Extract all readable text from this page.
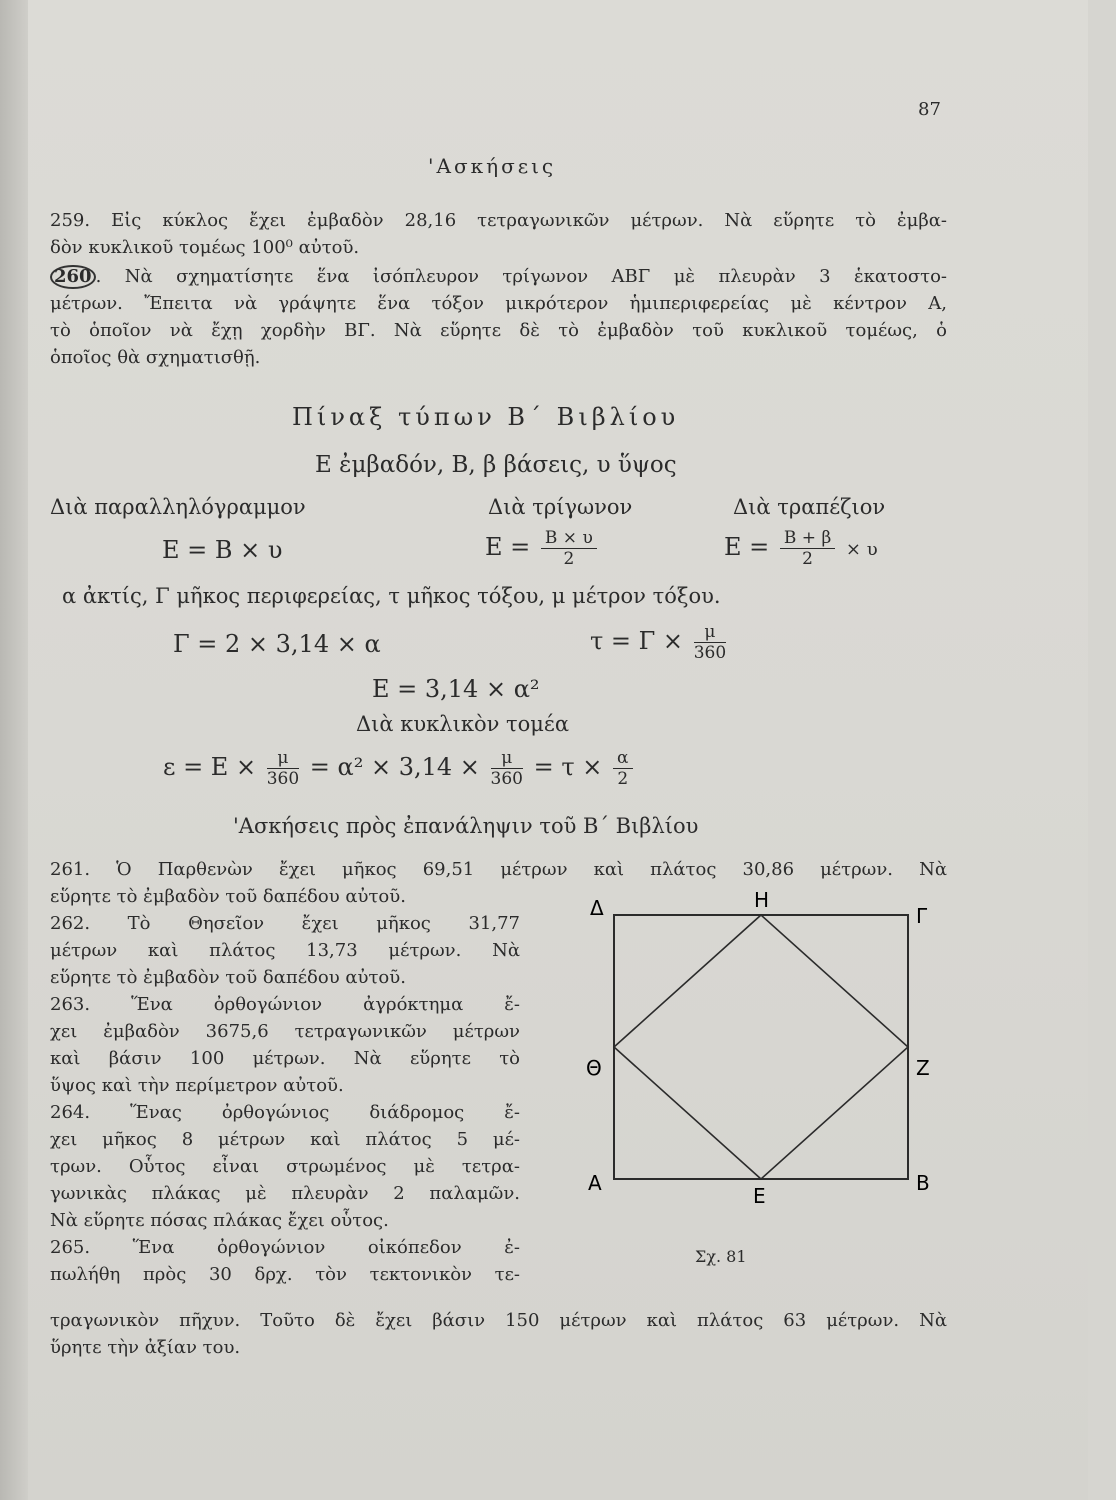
87
'Ασκήσεις
259. Εἰς κύκλος ἔχει ἐμβαδὸν 28,16 τετραγωνικῶν μέτρων. Νὰ εὕρητε τὸ ἐμβα-
δὸν κυκλικοῦ τομέως 100⁰ αὐτοῦ.
260 . Νὰ σχηματίσητε ἕνα ἰσόπλευρον τρίγωνον ΑΒΓ μὲ πλευρὰν 3 ἑκατοστο-
μέτρων. Ἔπειτα νὰ γράψητε ἕνα τόξον μικρότερον ἡμιπεριφερείας μὲ κέντρον Α,
τὸ ὁποῖον νὰ ἔχῃ χορδὴν ΒΓ. Νὰ εὕρητε δὲ τὸ ἐμβαδὸν τοῦ κυκλικοῦ τομέως, ὁ
ὁποῖος θὰ σχηματισθῇ.
Πίναξ τύπων Β΄ Βιβλίου
Ε ἐμβαδόν, Β, β βάσεις, υ ὕψος
Διὰ παραλληλόγραμμον	Διὰ τρίγωνον	Διὰ τραπέζιον
Ε = Β × υ	$E = \frac{B \times \upsilon}{2}$	$E = \frac{B + \beta}{2} \times \upsilon$
α ἀκτίς, Γ μῆκος περιφερείας, τ μῆκος τόξου, μ μέτρον τόξου.
Γ = 2 × 3,14 × α	$\tau = \Gamma \times \frac{\mu}{360}$
Ε = 3,14 × α²
Διὰ κυκλικὸν τομέα
$\varepsilon = E \times \frac{\mu}{360} = \alpha^2 \times 3,14 \times \frac{\mu}{360} = \tau \times \frac{\alpha}{2}$
'Ασκήσεις πρὸς ἐπανάληψιν τοῦ Β΄ Βιβλίου
261. Ὁ Παρθενὼν ἔχει μῆκος 69,51 μέτρων καὶ πλάτος 30,86 μέτρων. Νὰ
εὕρητε τὸ ἐμβαδὸν τοῦ δαπέδου αὐτοῦ.
262. Τὸ Θησεῖον ἔχει μῆκος 31,77
μέτρων καὶ πλάτος 13,73 μέτρων. Νὰ
εὕρητε τὸ ἐμβαδὸν τοῦ δαπέδου αὐτοῦ.
263. Ἕνα ὀρθογώνιον ἀγρόκτημα ἔ-
χει ἐμβαδὸν 3675,6 τετραγωνικῶν μέτρων
καὶ βάσιν 100 μέτρων. Νὰ εὕρητε τὸ
ὕψος καὶ τὴν περίμετρον αὐτοῦ.
264. Ἕνας ὀρθογώνιος διάδρομος ἔ-
χει μῆκος 8 μέτρων καὶ πλάτος 5 μέ-
τρων. Οὗτος εἶναι στρωμένος μὲ τετρα-
γωνικὰς πλάκας μὲ πλευρὰν 2 παλαμῶν.
Νὰ εὕρητε πόσας πλάκας ἔχει οὗτος.
265. Ἕνα ὀρθογώνιον οἰκόπεδον ἐ-
πωλήθη πρὸς 30 δρχ. τὸν τεκτονικὸν τε-
τραγωνικὸν πῆχυν. Τοῦτο δὲ ἔχει βάσιν 150 μέτρων καὶ πλάτος 63 μέτρων. Νὰ
ὕρητε τὴν ἀξίαν του.
Δ	Η
Γ
Θ	Ζ
Α
Ε
Β
Σχ. 81
